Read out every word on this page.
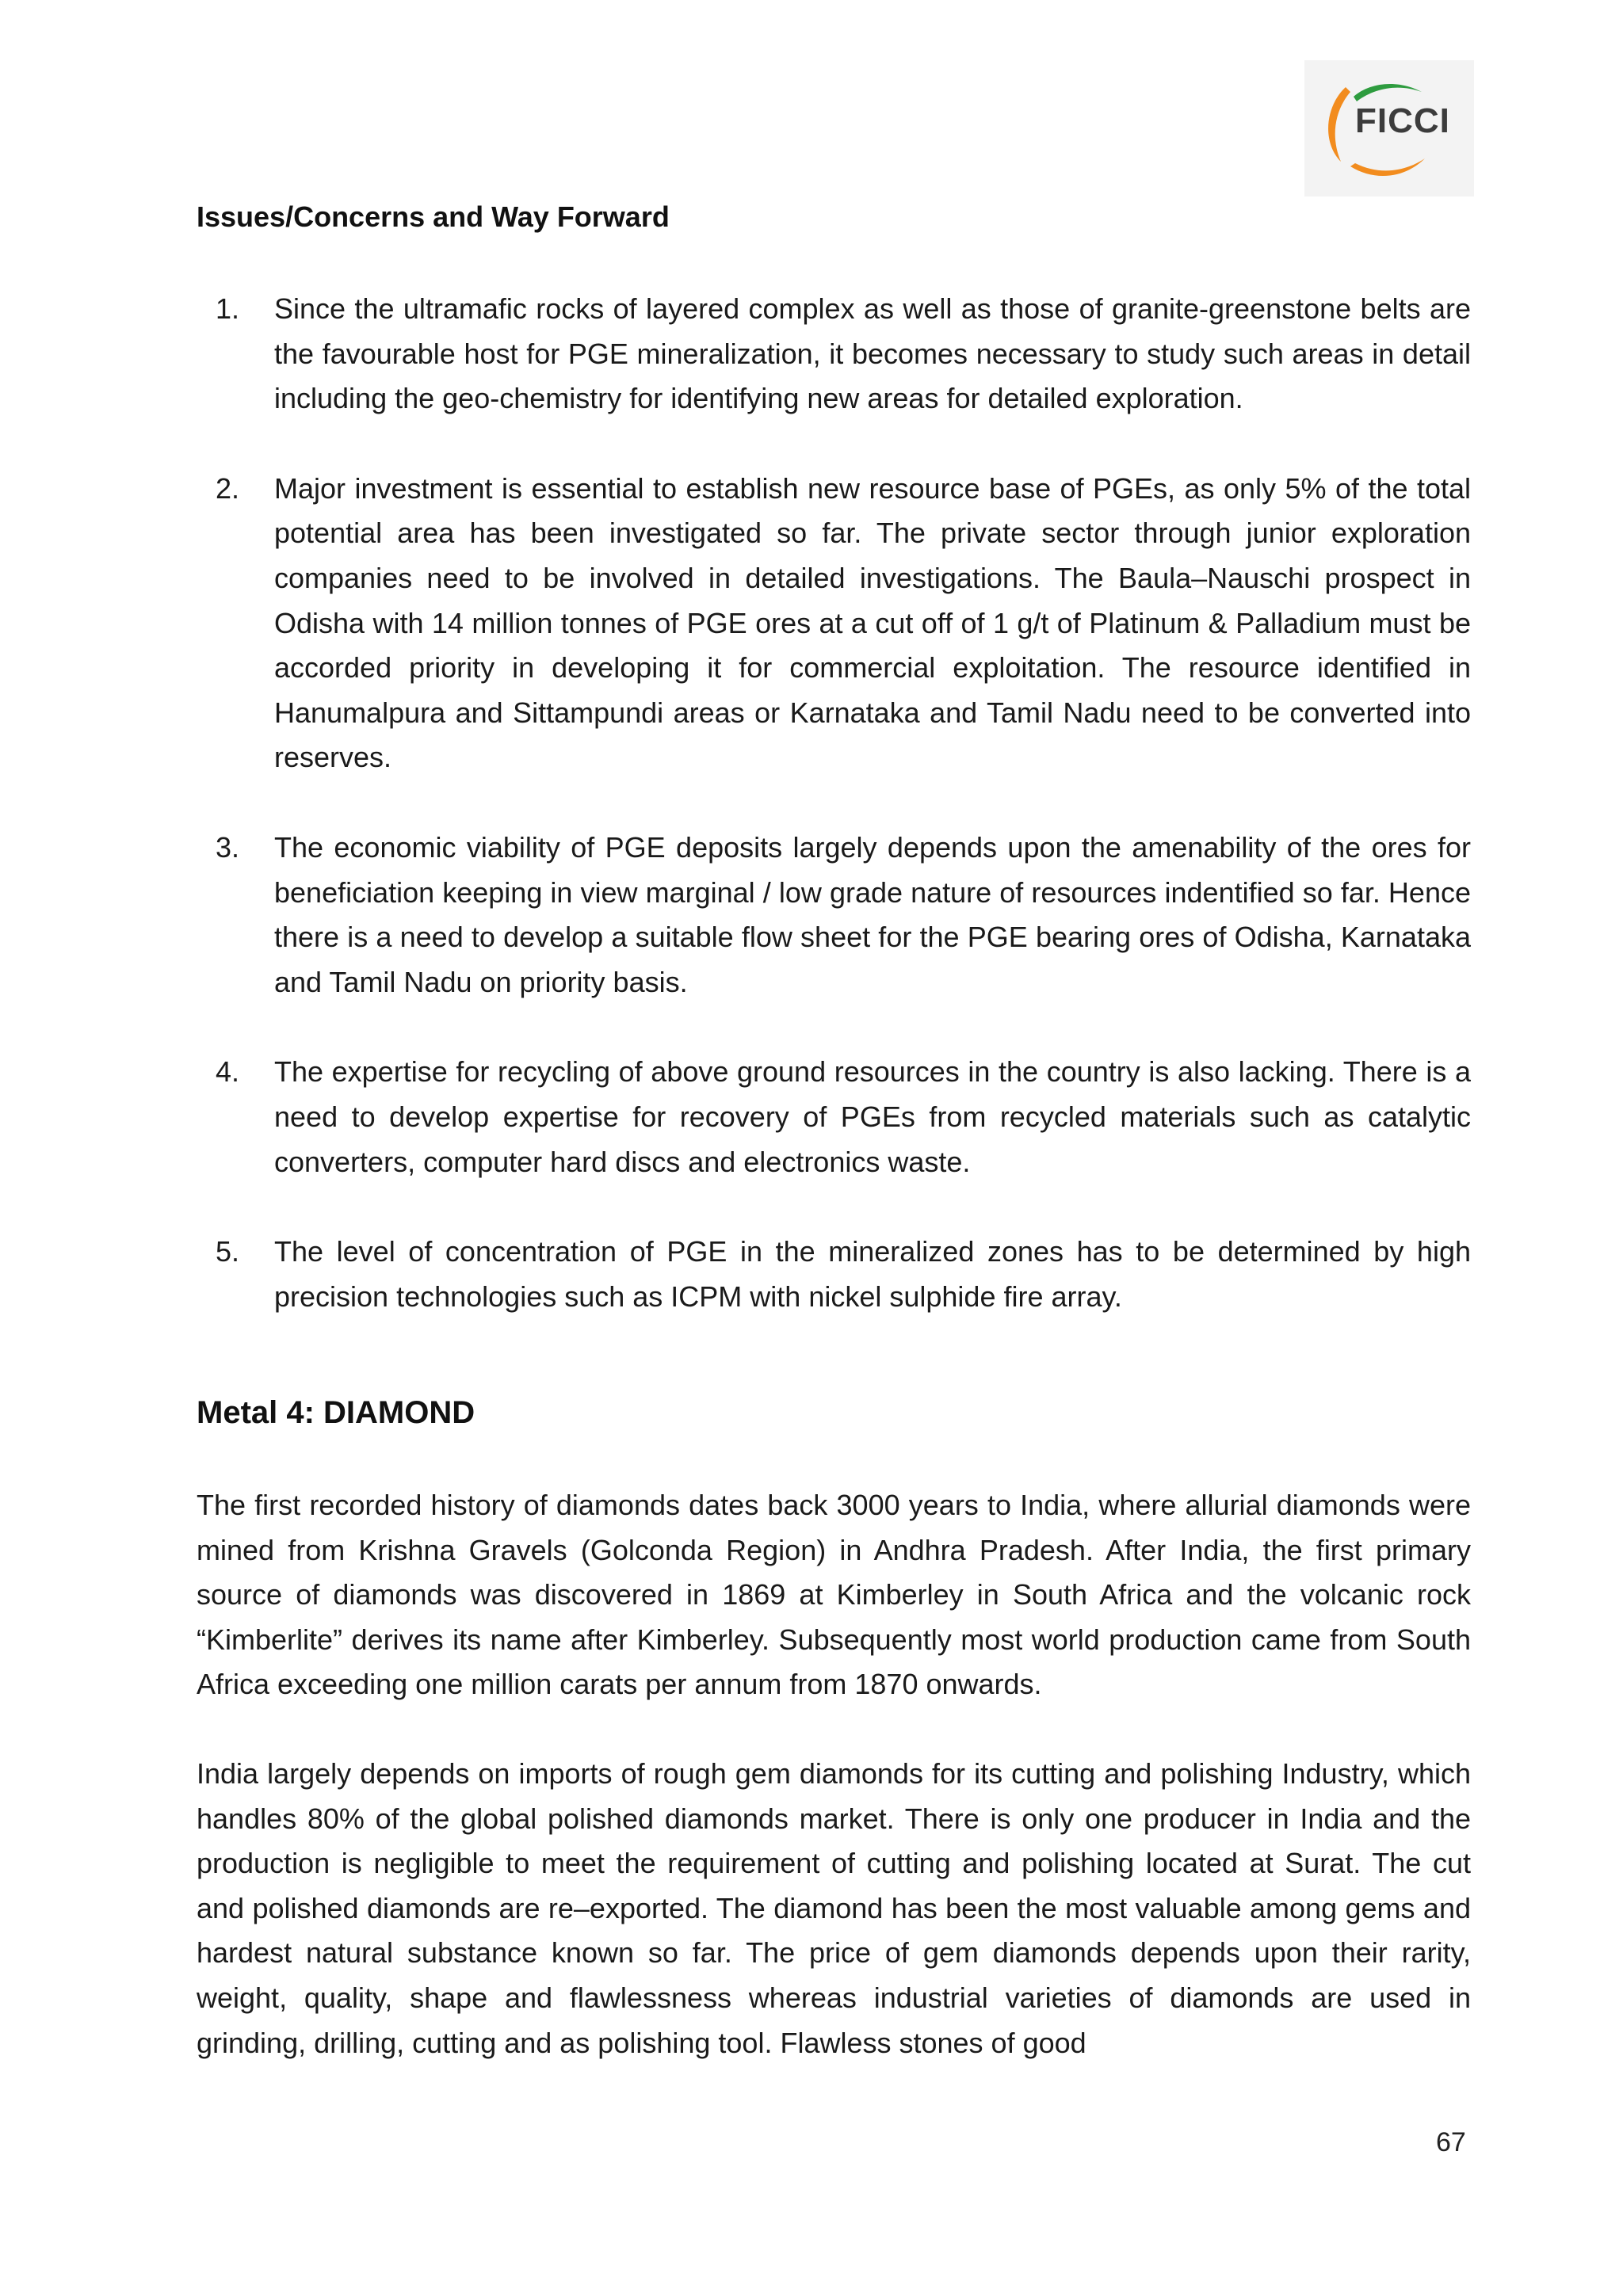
FICCI
Issues/Concerns and Way Forward
1. Since the ultramafic rocks of layered complex as well as those of granite-greenstone belts are the favourable host for PGE mineralization, it becomes necessary to study such areas in detail including the geo-chemistry for identifying new areas for detailed exploration.
2. Major investment is essential to establish new resource base of PGEs, as only 5% of the total potential area has been investigated so far. The private sector through junior exploration companies need to be involved in detailed investigations. The Baula–Nauschi prospect in Odisha with 14 million tonnes of PGE ores at a cut off of 1 g/t of Platinum & Palladium must be accorded priority in developing it for commercial exploitation. The resource identified in Hanumalpura and Sittampundi areas or Karnataka and Tamil Nadu need to be converted into reserves.
3. The economic viability of PGE deposits largely depends upon the amenability of the ores for beneficiation keeping in view marginal / low grade nature of resources indentified so far. Hence there is a need to develop a suitable flow sheet for the PGE bearing ores of Odisha, Karnataka and Tamil Nadu on priority basis.
4. The expertise for recycling of above ground resources in the country is also lacking. There is a need to develop expertise for recovery of PGEs from recycled materials such as catalytic converters, computer hard discs and electronics waste.
5. The level of concentration of PGE in the mineralized zones has to be determined by high precision technologies such as ICPM with nickel sulphide fire array.
Metal 4: DIAMOND

The first recorded history of diamonds dates back 3000 years to India, where allurial diamonds were mined from Krishna Gravels (Golconda Region) in Andhra Pradesh. After India, the first primary source of diamonds was discovered in 1869 at Kimberley in South Africa and the volcanic rock “Kimberlite” derives its name after Kimberley. Subsequently most world production came from South Africa exceeding one million carats per annum from 1870 onwards.

India largely depends on imports of rough gem diamonds for its cutting and polishing Industry, which handles 80% of the global polished diamonds market. There is only one producer in India and the production is negligible to meet the requirement of cutting and polishing located at Surat. The cut and polished diamonds are re–exported. The diamond has been the most valuable among gems and hardest natural substance known so far. The price of gem diamonds depends upon their rarity, weight, quality, shape and flawlessness whereas industrial varieties of diamonds are used in grinding, drilling, cutting and as polishing tool. Flawless stones of good

67
